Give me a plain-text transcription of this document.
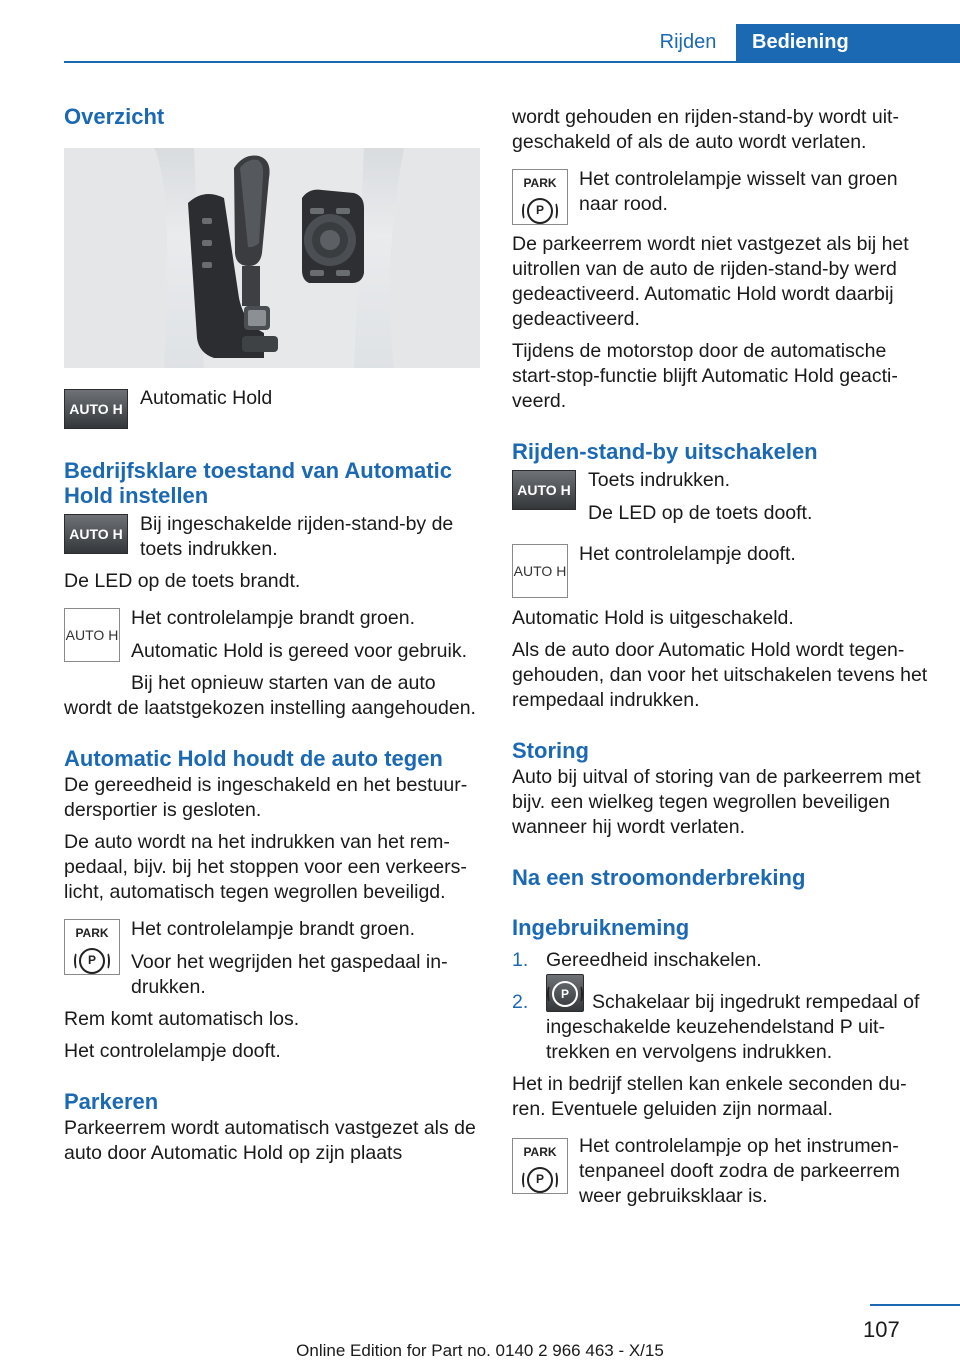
Rijden	Bediening
Overzicht
AUTO H Automatic Hold

Bedrijfsklare toestand van Automatic Hold instellen
AUTO H Bij ingeschakelde rijden-stand-by de toets indrukken.

De LED op de toets brandt.

AUTO H

Het controlelampje brandt groen.

Automatic Hold is gereed voor gebruik.

Bij het opnieuw starten van de auto wordt de laatstgekozen instelling aangehouden.

Automatic Hold houdt de auto tegen

De gereedheid is ingeschakeld en het bestuurdersportier is gesloten.

De auto wordt na het indrukken van het rempedaal, bijv. bij het stoppen voor een verkeerslicht, automatisch tegen wegrollen beveiligd.

PARK
P

Het controlelampje brandt groen.

Voor het wegrijden het gaspedaal indrukken.

Rem komt automatisch los.

Het controlelampje dooft.

Parkeren

Parkeerrem wordt automatisch vastgezet als de auto door Automatic Hold op zijn plaats

wordt gehouden en rijden-stand-by wordt uitgeschakeld of als de auto wordt verlaten.

PARK
P

Het controlelampje wisselt van groen naar rood.

De parkeerrem wordt niet vastgezet als bij het uitrollen van de auto de rijden-stand-by werd gedeactiveerd. Automatic Hold wordt daarbij gedeactiveerd.

Tijdens de motorstop door de automatische start-stop-functie blijft Automatic Hold geactiveerd.

Rijden-stand-by uitschakelen
AUTO H Toets indrukken.

De LED op de toets dooft.

AUTO H

Het controlelampje dooft.

Automatic Hold is uitgeschakeld.

Als de auto door Automatic Hold wordt tegengehouden, dan voor het uitschakelen tevens het rempedaal indrukken.

Storing

Auto bij uitval of storing van de parkeerrem met bijv. een wielkeg tegen wegrollen beveiligen wanneer hij wordt verlaten.

Na een stroomonderbreking
Ingebruikneming
1. Gereedheid inschakelen.
2.	P	Schakelaar bij ingedrukt rempedaal of ingeschakelde keuzehendelstand P uittrekken en vervolgens indrukken.

Het in bedrijf stellen kan enkele seconden duren. Eventuele geluiden zijn normaal.

PARK
P

Het controlelampje op het instrumentenpaneel dooft zodra de parkeerrem weer gebruiksklaar is.

107
Online Edition for Part no. 0140 2 966 463 - X/15
